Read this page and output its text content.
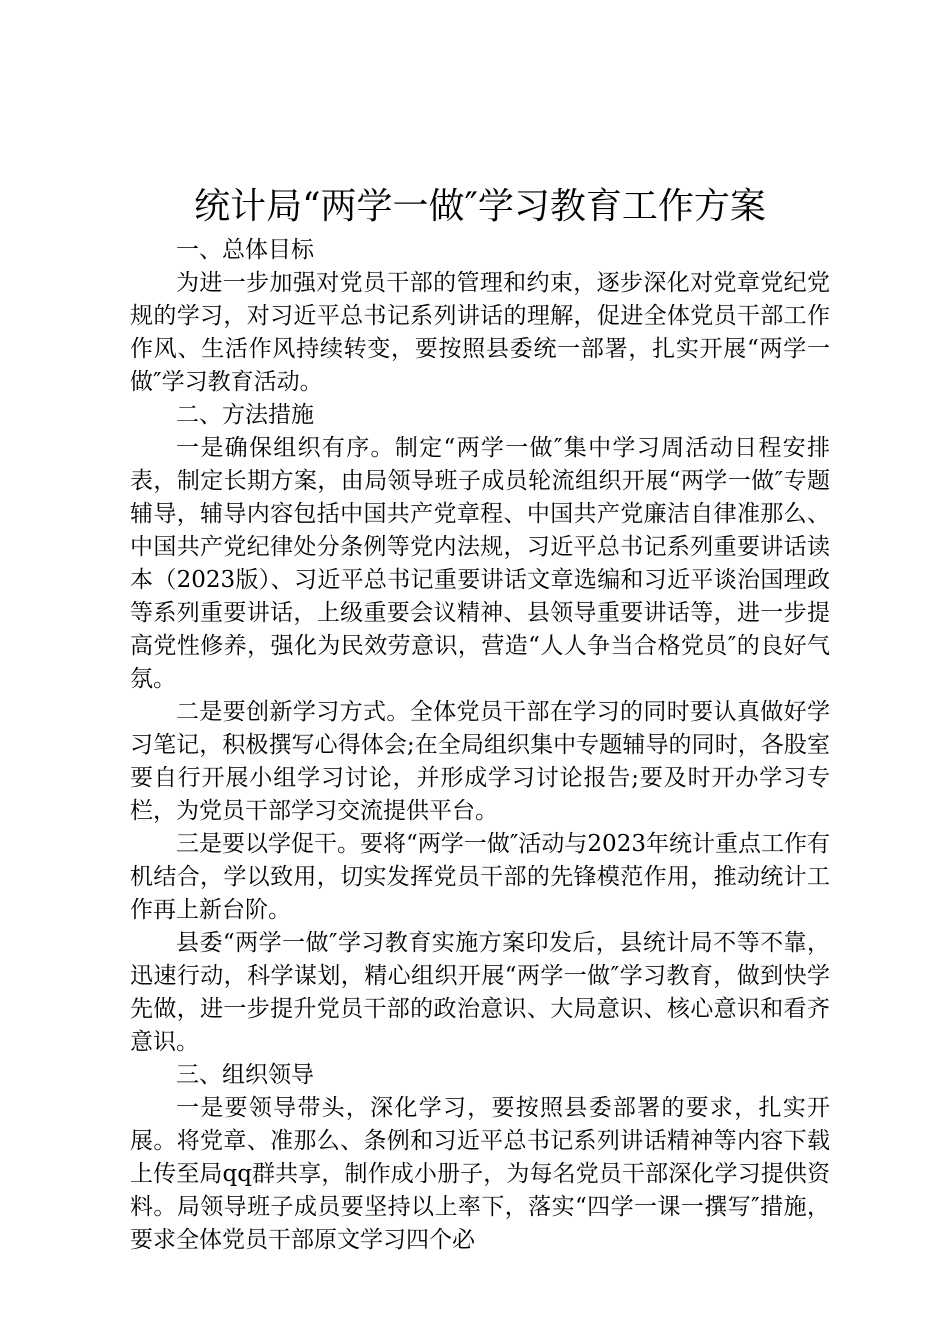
统计局“两学一做″学习教育工作方案

一、总体目标

为进一步加强对党员干部的管理和约束，逐步深化对党章党纪党规的学习，对习近平总书记系列讲话的理解，促进全体党员干部工作作风、生活作风持续转变，要按照县委统一部署，扎实开展“两学一做″学习教育活动。

二、方法措施

一是确保组织有序。制定“两学一做″集中学习周活动日程安排表，制定长期方案，由局领导班子成员轮流组织开展“两学一做″专题辅导，辅导内容包括中国共产党章程、中国共产党廉洁自律准那么、中国共产党纪律处分条例等党内法规，习近平总书记系列重要讲话读本（2023版）、习近平总书记重要讲话文章选编和习近平谈治国理政等系列重要讲话，上级重要会议精神、县领导重要讲话等，进一步提高党性修养，强化为民效劳意识，营造“人人争当合格党员″的良好气氛。

二是要创新学习方式。全体党员干部在学习的同时要认真做好学习笔记，积极撰写心得体会;在全局组织集中专题辅导的同时，各股室要自行开展小组学习讨论，并形成学习讨论报告;要及时开办学习专栏，为党员干部学习交流提供平台。

三是要以学促干。要将“两学一做″活动与2023年统计重点工作有机结合，学以致用，切实发挥党员干部的先锋模范作用，推动统计工作再上新台阶。

县委“两学一做″学习教育实施方案印发后，县统计局不等不靠，迅速行动，科学谋划，精心组织开展“两学一做″学习教育，做到快学先做，进一步提升党员干部的政治意识、大局意识、核心意识和看齐意识。

三、组织领导

一是要领导带头，深化学习，要按照县委部署的要求，扎实开展。将党章、准那么、条例和习近平总书记系列讲话精神等内容下载上传至局qq群共享，制作成小册子，为每名党员干部深化学习提供资料。局领导班子成员要坚持以上率下，落实“四学一课一撰写″措施，要求全体党员干部原文学习四个必
